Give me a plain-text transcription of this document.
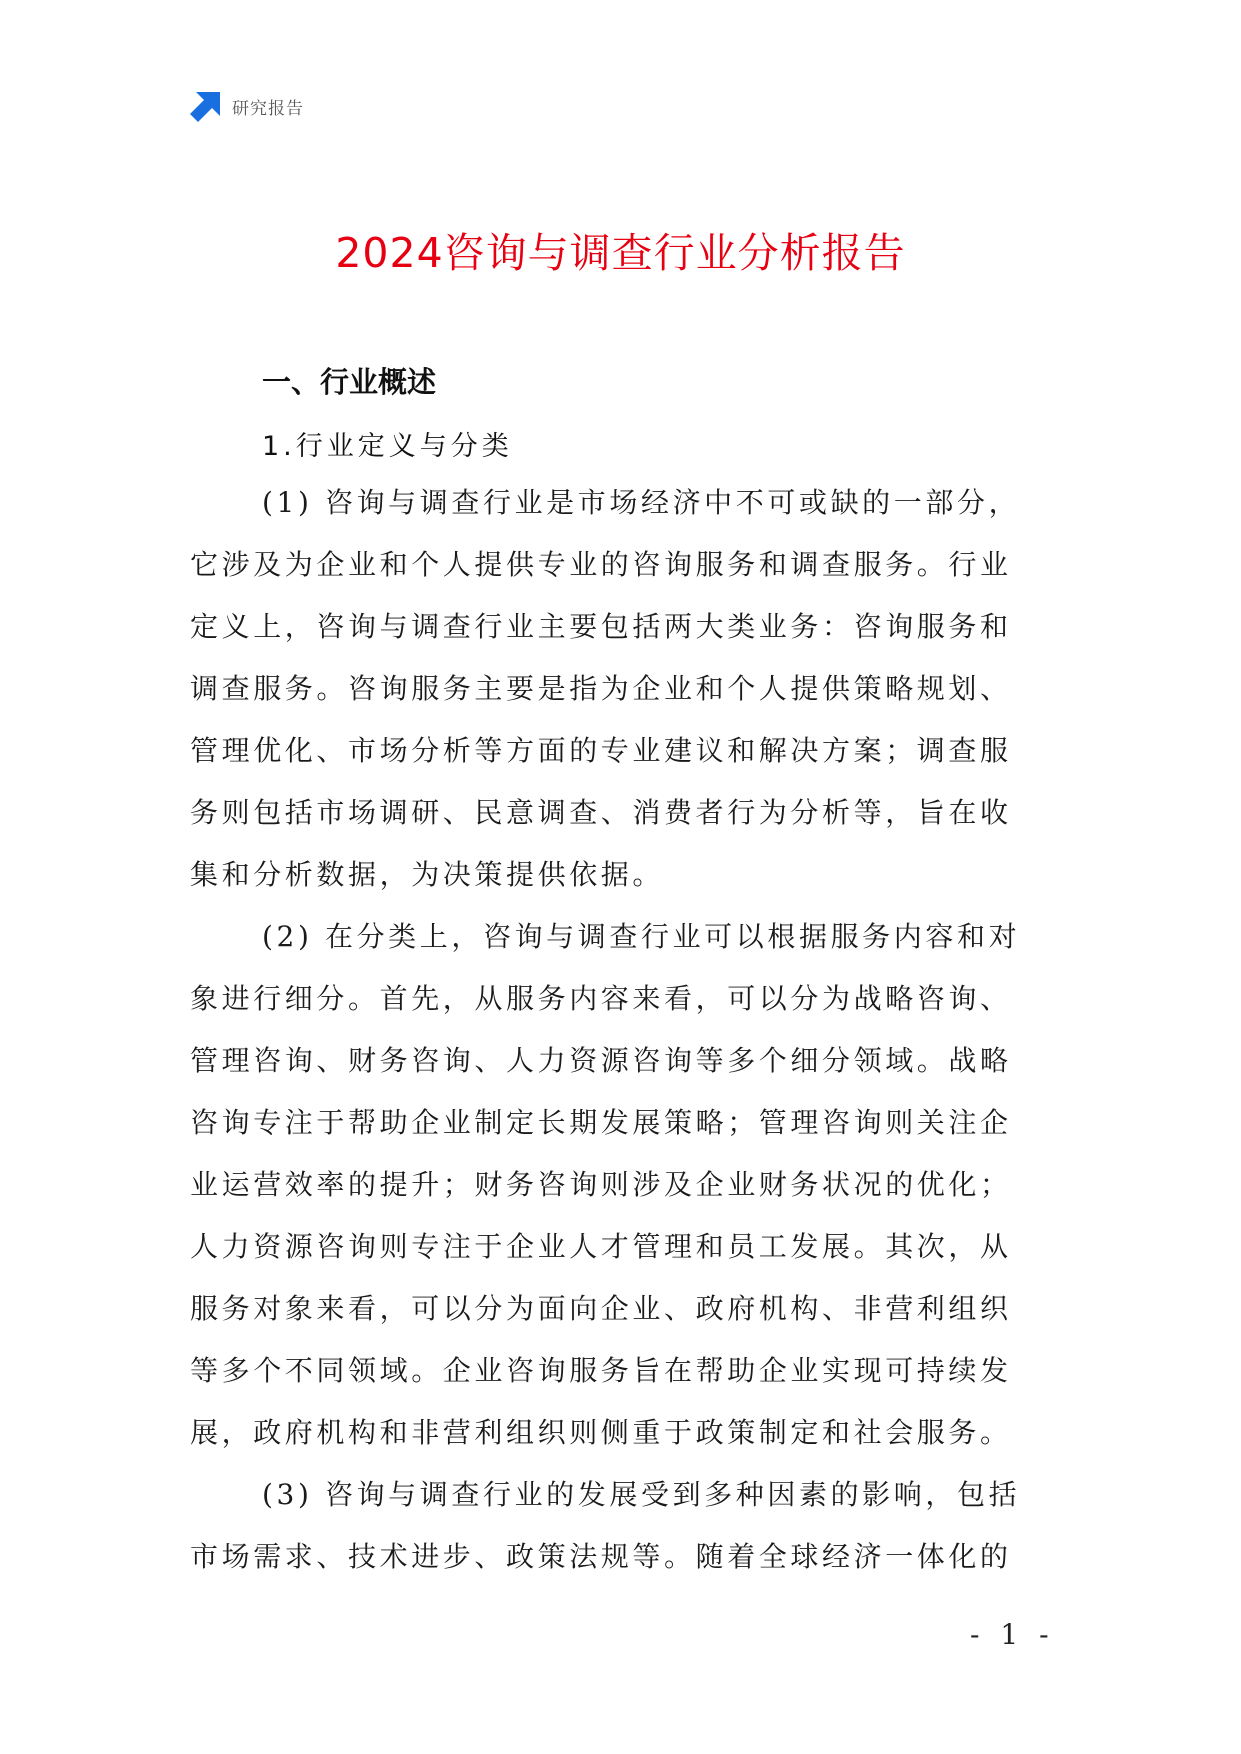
研究报告
2024咨询与调查行业分析报告
一、行业概述
1.行业定义与分类
(1) 咨询与调查行业是市场经济中不可或缺的一部分，
它涉及为企业和个人提供专业的咨询服务和调查服务。行业
定义上，咨询与调查行业主要包括两大类业务：咨询服务和
调查服务。咨询服务主要是指为企业和个人提供策略规划、
管理优化、市场分析等方面的专业建议和解决方案；调查服
务则包括市场调研、民意调查、消费者行为分析等，旨在收
集和分析数据，为决策提供依据。
(2) 在分类上，咨询与调查行业可以根据服务内容和对
象进行细分。首先，从服务内容来看，可以分为战略咨询、
管理咨询、财务咨询、人力资源咨询等多个细分领域。战略
咨询专注于帮助企业制定长期发展策略；管理咨询则关注企
业运营效率的提升；财务咨询则涉及企业财务状况的优化；
人力资源咨询则专注于企业人才管理和员工发展。其次，从
服务对象来看，可以分为面向企业、政府机构、非营利组织
等多个不同领域。企业咨询服务旨在帮助企业实现可持续发
展，政府机构和非营利组织则侧重于政策制定和社会服务。
(3) 咨询与调查行业的发展受到多种因素的影响，包括
市场需求、技术进步、政策法规等。随着全球经济一体化的
- 1 -
